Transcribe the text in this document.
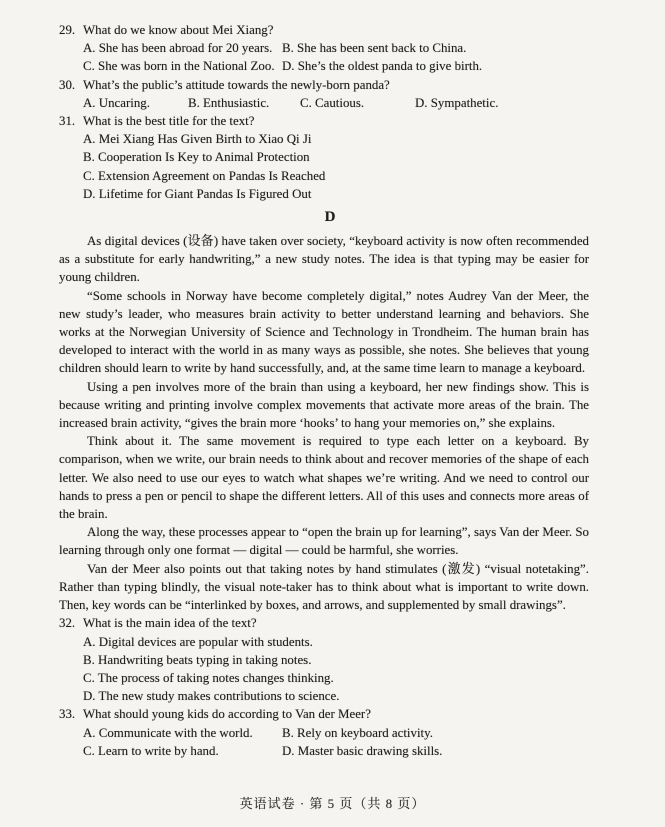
29. What do we know about Mei Xiang?
A. She has been abroad for 20 years. B. She has been sent back to China.
C. She was born in the National Zoo. D. She’s the oldest panda to give birth.
30. What’s the public’s attitude towards the newly-born panda?
A. Uncaring.	B. Enthusiastic.	C. Cautious.	D. Sympathetic.
31. What is the best title for the text?
A. Mei Xiang Has Given Birth to Xiao Qi Ji
B. Cooperation Is Key to Animal Protection
C. Extension Agreement on Pandas Is Reached
D. Lifetime for Giant Pandas Is Figured Out
D

As digital devices (设备) have taken over society, “keyboard activity is now often recommended as a substitute for early handwriting,” a new study notes. The idea is that typing may be easier for young children.

“Some schools in Norway have become completely digital,” notes Audrey Van der Meer, the new study’s leader, who measures brain activity to better understand learning and behaviors. She works at the Norwegian University of Science and Technology in Trondheim. The human brain has developed to interact with the world in as many ways as possible, she notes. She believes that young children should learn to write by hand successfully, and, at the same time learn to manage a keyboard.

Using a pen involves more of the brain than using a keyboard, her new findings show. This is because writing and printing involve complex movements that activate more areas of the brain. The increased brain activity, “gives the brain more ‘hooks’ to hang your memories on,” she explains.

Think about it. The same movement is required to type each letter on a keyboard. By comparison, when we write, our brain needs to think about and recover memories of the shape of each letter. We also need to use our eyes to watch what shapes we’re writing. And we need to control our hands to press a pen or pencil to shape the different letters. All of this uses and connects more areas of the brain.

Along the way, these processes appear to “open the brain up for learning”, says Van der Meer. So learning through only one format — digital — could be harmful, she worries.

Van der Meer also points out that taking notes by hand stimulates (激发) “visual notetaking”. Rather than typing blindly, the visual note-taker has to think about what is important to write down. Then, key words can be “interlinked by boxes, and arrows, and supplemented by small drawings”.

32. What is the main idea of the text?
A. Digital devices are popular with students.
B. Handwriting beats typing in taking notes.
C. The process of taking notes changes thinking.
D. The new study makes contributions to science.
33. What should young kids do according to Van der Meer?
A. Communicate with the world.	B. Rely on keyboard activity.
C. Learn to write by hand.	D. Master basic drawing skills.
英语试卷 · 第 5 页（共 8 页）
